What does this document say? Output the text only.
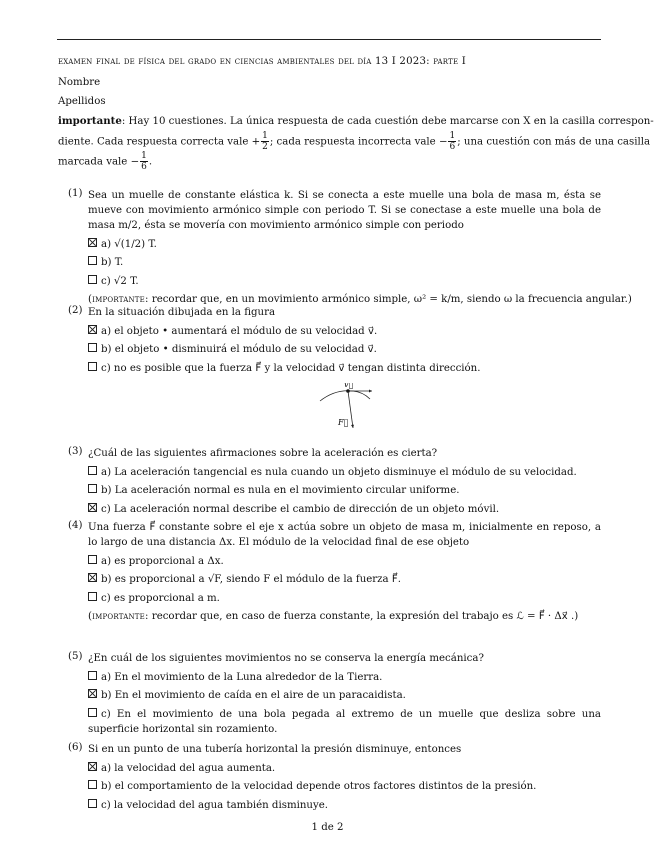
examen final de física del grado en ciencias ambientales del día 13 I 2023: parte I
Nombre
Apellidos
importante: Hay 10 cuestiones. La única respuesta de cada cuestión debe marcarse con X en la casilla correspon-
diente. Cada respuesta correcta vale + $\frac{1}{2}$ ; cada respuesta incorrecta vale − $\frac{1}{6}$ ; una cuestión con más de una casilla
marcada vale − $\frac{1}{6}$ .
(1) Sea un muelle de constante elástica k. Si se conecta a este muelle una bola de masa m, ésta se mueve con movimiento armónico simple con periodo T. Si se conectase a este muelle una bola de masa m/2, ésta se movería con movimiento armónico simple con periodo
a) √(1/2) T.
b) T.
c) √2 T.
(importante: recordar que, en un movimiento armónico simple, ω² = k/m, siendo ω la frecuencia angular.)
(2) En la situación dibujada en la figura
a) el objeto • aumentará el módulo de su velocidad v⃗.
b) el objeto • disminuirá el módulo de su velocidad v⃗.
c) no es posible que la fuerza F⃗ y la velocidad v⃗ tengan distinta dirección.
(3) ¿Cuál de las siguientes afirmaciones sobre la aceleración es cierta?
a) La aceleración tangencial es nula cuando un objeto disminuye el módulo de su velocidad.
b) La aceleración normal es nula en el movimiento circular uniforme.
c) La aceleración normal describe el cambio de dirección de un objeto móvil.
(4) Una fuerza F⃗ constante sobre el eje x actúa sobre un objeto de masa m, inicialmente en reposo, a lo largo de una distancia Δx. El módulo de la velocidad final de ese objeto
a) es proporcional a Δx.
b) es proporcional a √F, siendo F el módulo de la fuerza F⃗.
c) es proporcional a m.
(importante: recordar que, en caso de fuerza constante, la expresión del trabajo es ℒ = F⃗ · Δx⃗ .)
(5) ¿En cuál de los siguientes movimientos no se conserva la energía mecánica?
a) En el movimiento de la Luna alrededor de la Tierra.
b) En el movimiento de caída en el aire de un paracaidista.
c) En el movimiento de una bola pegada al extremo de un muelle que desliza sobre una superficie horizontal sin rozamiento.
(6) Si en un punto de una tubería horizontal la presión disminuye, entonces
a) la velocidad del agua aumenta.
b) el comportamiento de la velocidad depende otros factores distintos de la presión.
c) la velocidad del agua también disminuye.
v⃗
F⃗
1 de 2
